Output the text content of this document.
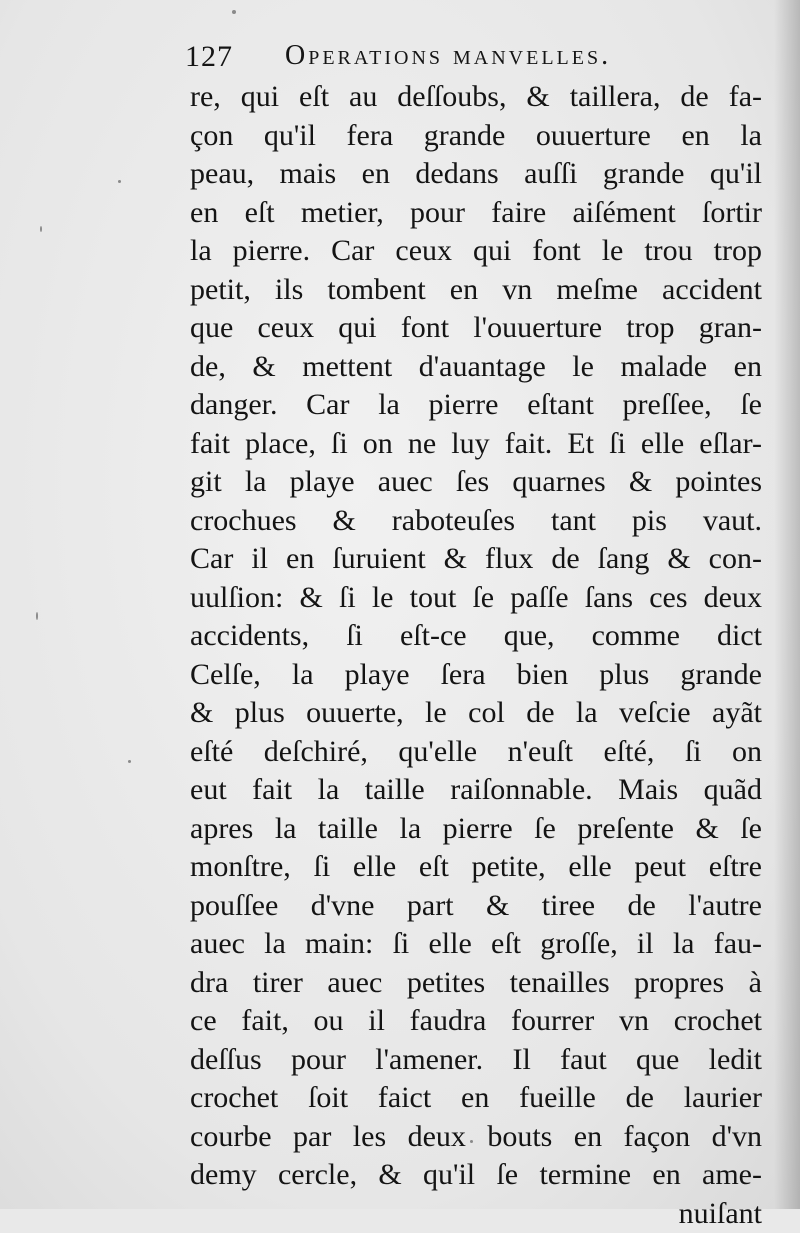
127 Operations manvelles.
re, qui eſt au deſſoubs, & taillera, de fa-
çon qu'il fera grande ouuerture en la
peau, mais en dedans auſſi grande qu'il
en eſt metier, pour faire aiſément ſortir
la pierre. Car ceux qui font le trou trop
petit, ils tombent en vn meſme accident
que ceux qui font l'ouuerture trop gran-
de, & mettent d'auantage le malade en
danger. Car la pierre eſtant preſſee, ſe
fait place, ſi on ne luy fait. Et ſi elle eſlar-
git la playe auec ſes quarnes & pointes
crochues & raboteuſes tant pis vaut.
Car il en ſuruient & flux de ſang & con-
uulſion: & ſi le tout ſe paſſe ſans ces deux
accidents, ſi eſt-ce que, comme dict
Celſe, la playe ſera bien plus grande
& plus ouuerte, le col de la veſcie ayãt
eſté deſchiré, qu'elle n'euſt eſté, ſi on
eut fait la taille raiſonnable. Mais quãd
apres la taille la pierre ſe preſente & ſe
monſtre, ſi elle eſt petite, elle peut eſtre
pouſſee d'vne part & tiree de l'autre
auec la main: ſi elle eſt groſſe, il la fau-
dra tirer auec petites tenailles propres à
ce fait, ou il faudra fourrer vn crochet
deſſus pour l'amener. Il faut que ledit
crochet ſoit faict en fueille de laurier
courbe par les deux bouts en façon d'vn
demy cercle, & qu'il ſe termine en ame-
nuiſant
